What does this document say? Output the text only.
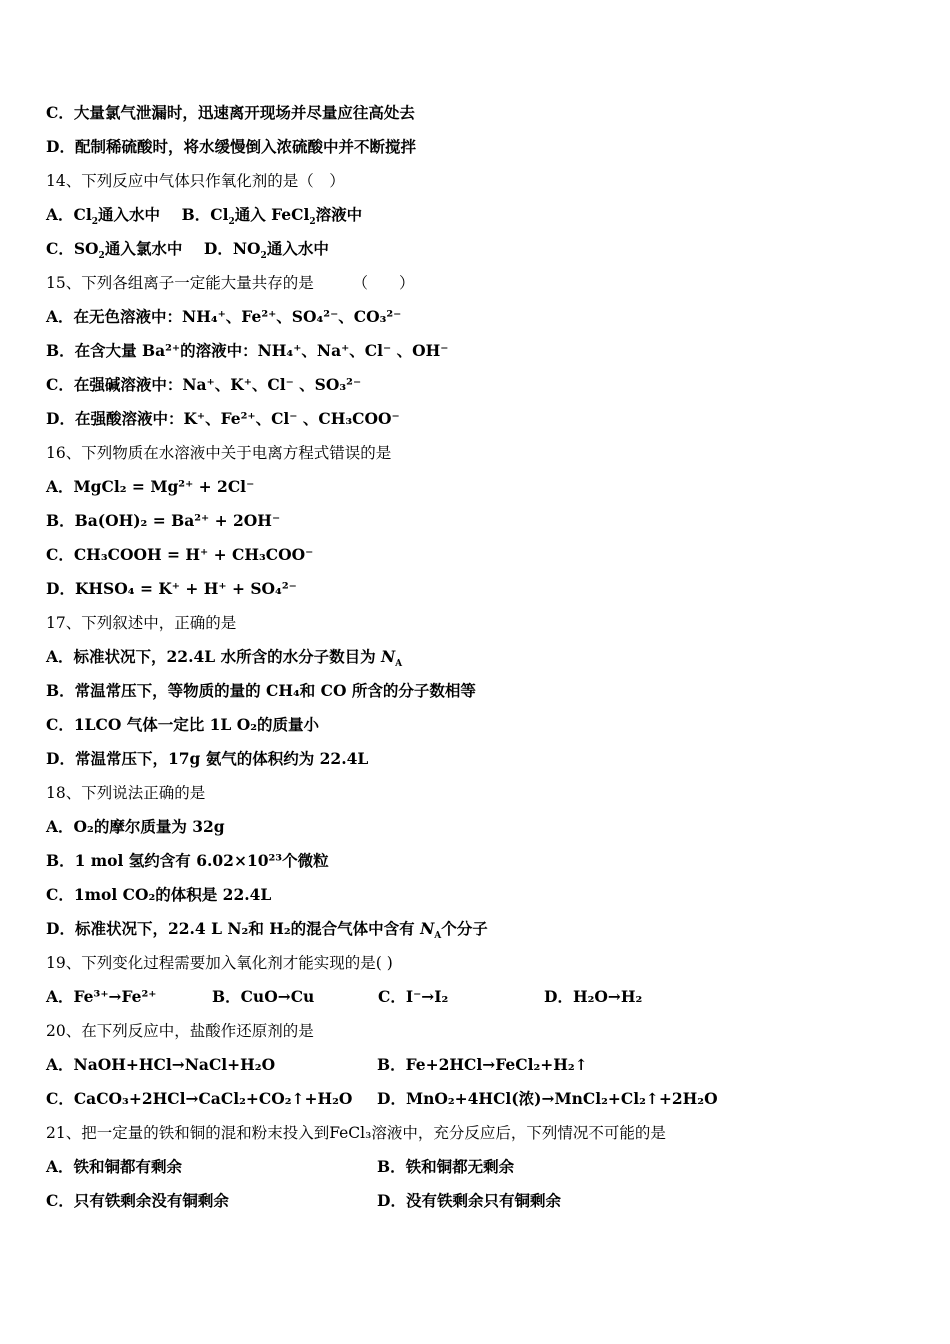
C．大量氯气泄漏时，迅速离开现场并尽量应往高处去
D．配制稀硫酸时，将水缓慢倒入浓硫酸中并不断搅拌
14、下列反应中气体只作氧化剂的是（　）
A．$Cl_2$通入水中 B．$Cl_2$通入 FeCl$_2$溶液中
C．$SO_2$通入氯水中 D．$NO_2$通入水中
15、下列各组离子一定能大量共存的是　　　（　　）
A．在无色溶液中：NH₄⁺、Fe²⁺、SO₄²⁻、CO₃²⁻
B．在含大量 Ba²⁺的溶液中：NH₄⁺、Na⁺、Cl⁻ 、OH⁻
C．在强碱溶液中：Na⁺、K⁺、Cl⁻ 、SO₃²⁻
D．在强酸溶液中：K⁺、Fe²⁺、Cl⁻ 、CH₃COO⁻
16、下列物质在水溶液中关于电离方程式错误的是
A．MgCl₂ = Mg²⁺ + 2Cl⁻
B．Ba(OH)₂ = Ba²⁺ + 2OH⁻
C．CH₃COOH = H⁺ + CH₃COO⁻
D．KHSO₄ = K⁺ + H⁺ + SO₄²⁻
17、下列叙述中，正确的是
A．标准状况下，22.4L 水所含的水分子数目为 $N_A$
B．常温常压下，等物质的量的 CH₄和 CO 所含的分子数相等
C．1LCO 气体一定比 1L O₂的质量小
D．常温常压下，17g 氨气的体积约为 22.4L
18、下列说法正确的是
A．O₂的摩尔质量为 32g
B．1 mol 氢约含有 6.02×10²³个微粒
C．1mol CO₂的体积是 22.4L
D．标准状况下，22.4 L N₂和 H₂的混合气体中含有 $N_A$个分子
19、下列变化过程需要加入氧化剂才能实现的是( )
A．Fe³⁺→Fe²⁺	B．CuO→Cu	C．I⁻→I₂	D．H₂O→H₂
20、在下列反应中，盐酸作还原剂的是
A．NaOH+HCl→NaCl+H₂O	B．Fe+2HCl→FeCl₂+H₂↑
C．CaCO₃+2HCl→CaCl₂+CO₂↑+H₂O D．MnO₂+4HCl(浓)→MnCl₂+Cl₂↑+2H₂O
21、把一定量的铁和铜的混和粉末投入到FeCl₃溶液中，充分反应后，下列情况不可能的是
A．铁和铜都有剩余	B．铁和铜都无剩余
C．只有铁剩余没有铜剩余	D．没有铁剩余只有铜剩余
